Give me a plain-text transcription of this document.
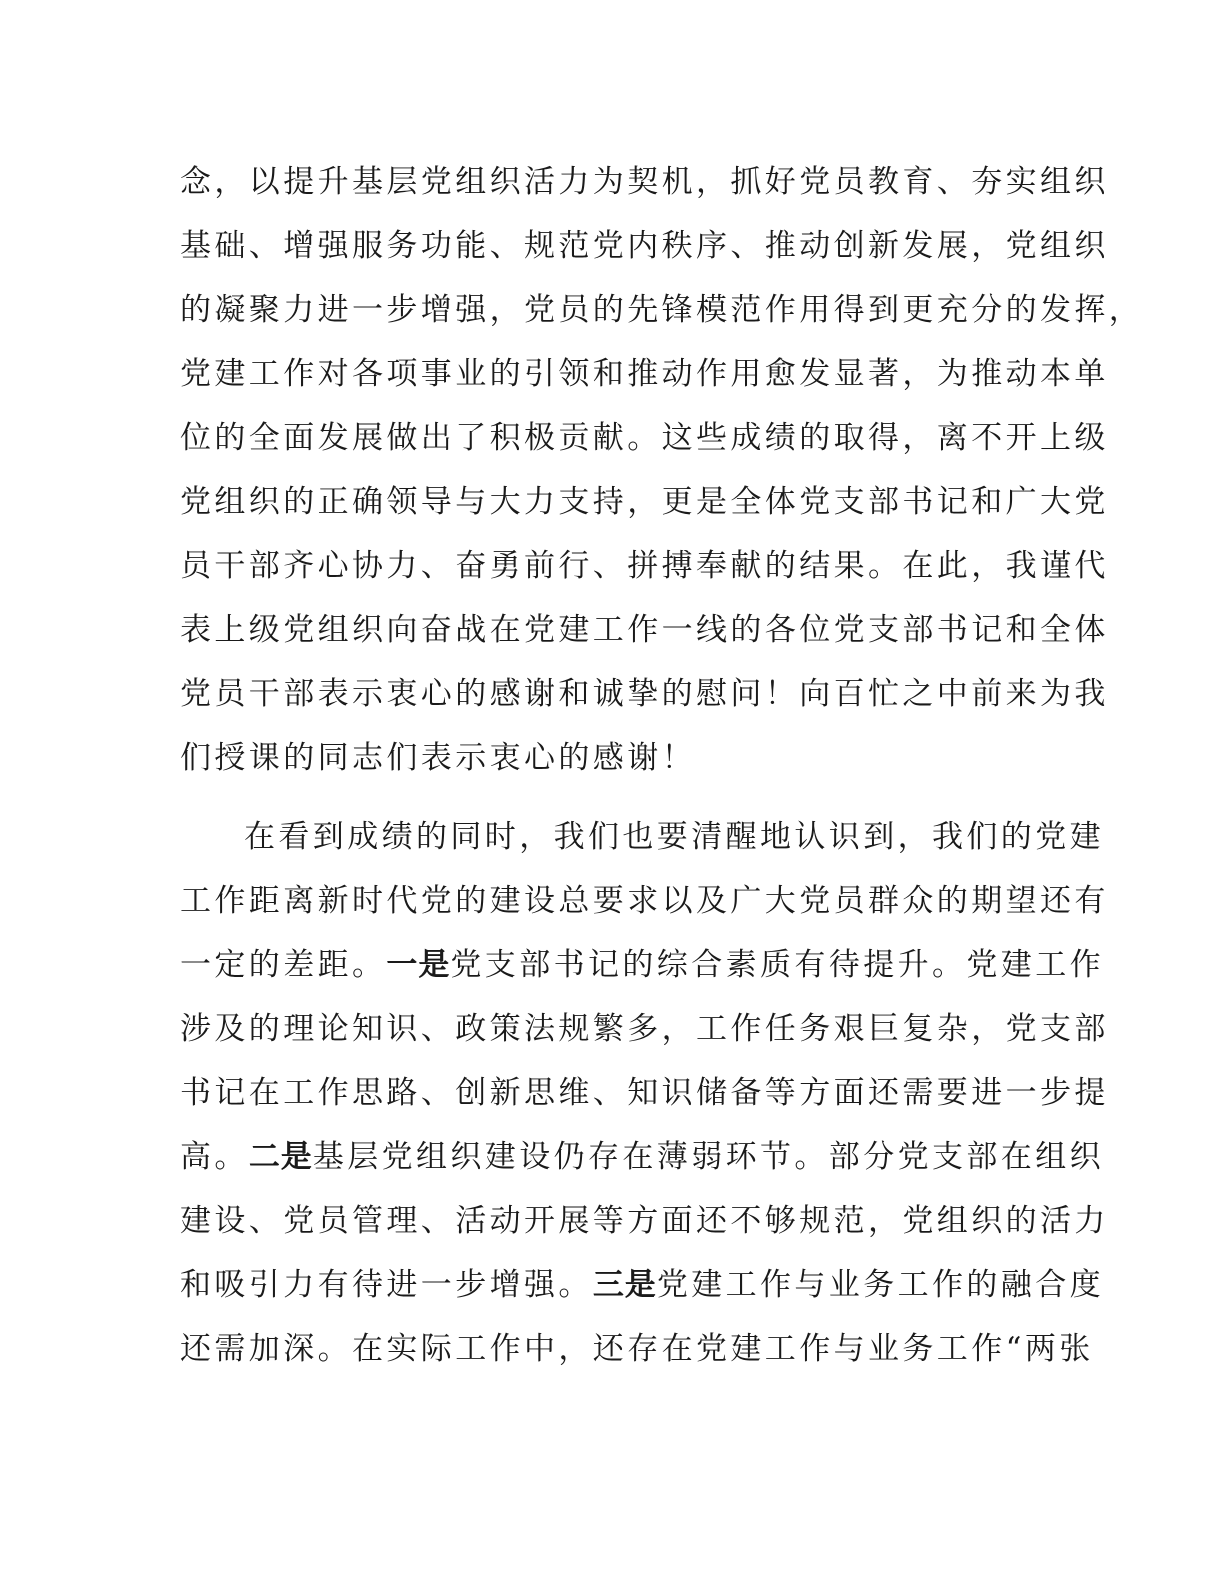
念，以提升基层党组织活力为契机，抓好党员教育、夯实组织
基础、增强服务功能、规范党内秩序、推动创新发展，党组织
的凝聚力进一步增强，党员的先锋模范作用得到更充分的发挥，
党建工作对各项事业的引领和推动作用愈发显著，为推动本单
位的全面发展做出了积极贡献。这些成绩的取得，离不开上级
党组织的正确领导与大力支持，更是全体党支部书记和广大党
员干部齐心协力、奋勇前行、拼搏奉献的结果。在此，我谨代
表上级党组织向奋战在党建工作一线的各位党支部书记和全体
党员干部表示衷心的感谢和诚挚的慰问！向百忙之中前来为我
们授课的同志们表示衷心的感谢！
在看到成绩的同时，我们也要清醒地认识到，我们的党建
工作距离新时代党的建设总要求以及广大党员群众的期望还有
一定的差距。一是党支部书记的综合素质有待提升。党建工作
涉及的理论知识、政策法规繁多，工作任务艰巨复杂，党支部
书记在工作思路、创新思维、知识储备等方面还需要进一步提
高。二是基层党组织建设仍存在薄弱环节。部分党支部在组织
建设、党员管理、活动开展等方面还不够规范，党组织的活力
和吸引力有待进一步增强。三是党建工作与业务工作的融合度
还需加深。在实际工作中，还存在党建工作与业务工作“两张
